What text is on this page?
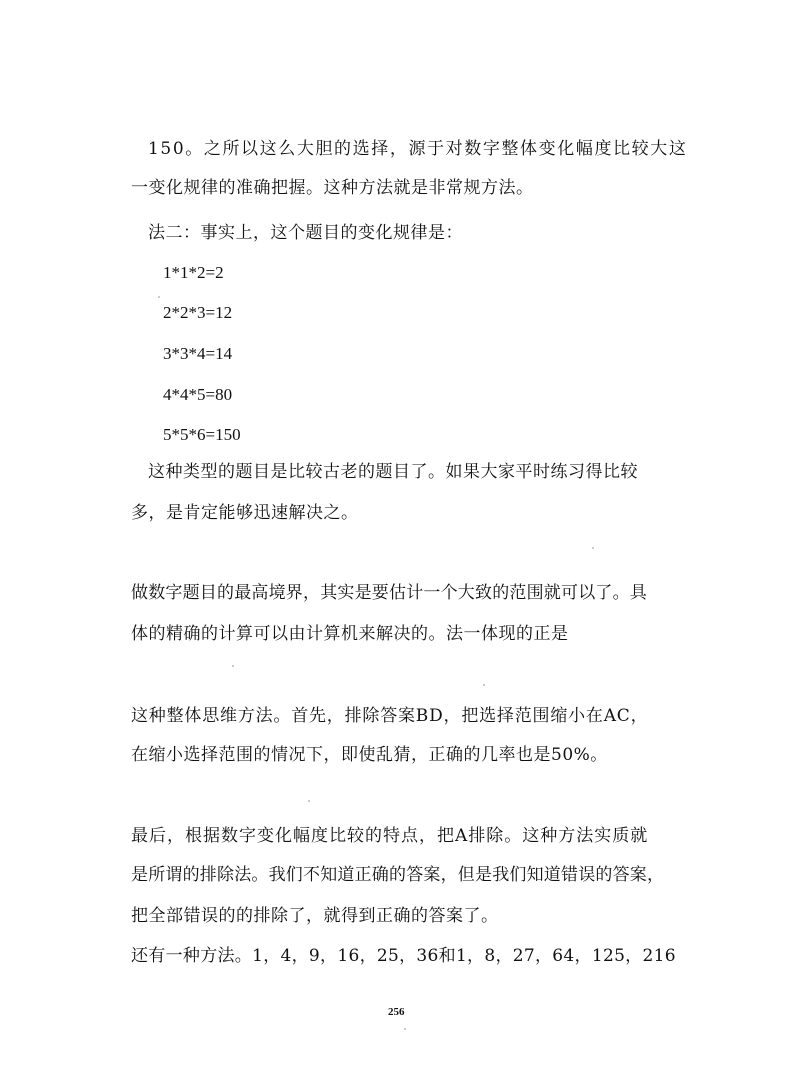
150。之所以这么大胆的选择，源于对数字整体变化幅度比较大这
一变化规律的准确把握。这种方法就是非常规方法。
法二：事实上，这个题目的变化规律是：
1*1*2=2
2*2*3=12
3*3*4=14
4*4*5=80
5*5*6=150
这种类型的题目是比较古老的题目了。如果大家平时练习得比较
多，是肯定能够迅速解决之。
做数字题目的最高境界，其实是要估计一个大致的范围就可以了。具
体的精确的计算可以由计算机来解决的。法一体现的正是
这种整体思维方法。首先，排除答案BD，把选择范围缩小在AC，
在缩小选择范围的情况下，即使乱猜，正确的几率也是50%。
最后，根据数字变化幅度比较的特点，把A排除。这种方法实质就
是所谓的排除法。我们不知道正确的答案，但是我们知道错误的答案，
把全部错误的的排除了，就得到正确的答案了。
还有一种方法。1，4，9，16，25，36和1，8，27，64，125，216
256
